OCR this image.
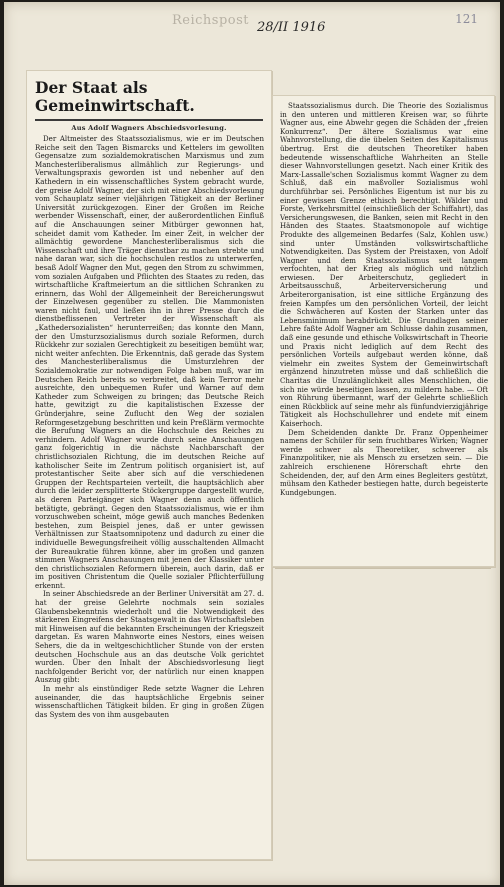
Reichspost 28/II 1916
121
Der Staat als Gemeinwirtschaft.
Aus Adolf Wagners Abschiedsvorlesung.

Der Altmeister des Staatssozialismus, wie er im Deutschen Reiche seit den Tagen Bismarcks und Kettelers im gewollten Gegensatze zum sozialdemokratischen Marxismus und zum Manchesterliberalismus allmählich zur Regierungs- und Verwaltungspraxis geworden ist und nebenher auf den Kathedern in ein wissenschaftliches System gebracht wurde, der greise Adolf Wagner, der sich mit einer Abschiedsvorlesung vom Schauplatz seiner vieljährigen Tätigkeit an der Berliner Universität zurückgezogen. Einer der Großen im Reiche werbender Wissenschaft, einer, der außerordentlichen Einfluß auf die Anschauungen seiner Mitbürger gewonnen hat, scheidet damit vom Katheder. Im einer Zeit, in welcher der allmächtig gewordene Manchesterliberalismus sich die Wissenschaft und ihre Träger dienstbar zu machen strebte und nahe daran war, sich die hochschulen restlos zu unterwerfen, besaß Adolf Wagner den Mut, gegen den Strom zu schwimmen, vom sozialen Aufgaben und Pflichten des Staates zu reden, das wirtschaftliche Kraftmeiertum an die sittlichen Schranken zu erinnern, das Wohl der Allgemeinheit der Bereicherungswut der Einzelwesen gegenüber zu stellen. Die Mammonisten waren nicht faul, und ließen ihn in ihrer Presse durch die dienstbeflissenen Vertreter der Wissenschaft als „Kathedersozialisten“ herunterreißen; das konnte den Mann, der den Umsturzsozialismus durch soziale Reformen, durch Rückkehr zur sozialen Gerechtigkeit zu beseitigen bemüht war, nicht weiter anfechten. Die Erkenntnis, daß gerade das System des Manchesterliberalismus die Umsturzlehren der Sozialdemokratie zur notwendigen Folge haben muß, war im Deutschen Reich bereits so verbreitet, daß kein Terror mehr ausreichte, den unbequemen Rufer und Warner auf dem Katheder zum Schweigen zu bringen; das Deutsche Reich hatte, gewitzigt zu die kapitalistischen Exzesse der Gründerjahre, seine Zuflucht den Weg der sozialen Reformgesetzgebung beschritten und kein Preßlärm vermochte die Berufung Wagners an die Hochschule des Reiches zu verhindern. Adolf Wagner wurde durch seine Anschauungen ganz folgerichtig in die nächste Nachbarschaft der christlichsozialen Richtung, die im deutschen Reiche auf katholischer Seite im Zentrum politisch organisiert ist, auf protestantischer Seite aber sich auf die verschiedenen Gruppen der Rechtsparteien verteilt, die hauptsächlich aber durch die leider zersplitterte Stöckergruppe dargestellt wurde, als deren Parteigänger sich Wagner denn auch öffentlich betätigte, gebrängt. Gegen den Staatssozialismus, wie er ihm vorzuschweben scheint, möge gewiß auch manches Bedenken bestehen, zum Beispiel jenes, daß er unter gewissen Verhältnissen zur Staatsomnipotenz und dadurch zu einer die individuelle Bewegungsfreiheit völlig ausschaltenden Allmacht der Bureaukratie führen könne, aber im großen und ganzen stimmen Wagners Anschauungen mit jenen der Klassiker unter den christlichsozialen Reformern überein, auch darin, daß er im positiven Christentum die Quelle sozialer Pflichterfüllung erkennt.

In seiner Abschiedsrede an der Berliner Universität am 27. d. hat der greise Gelehrte nochmals sein soziales Glaubensbekenntnis wiederholt und die Notwendigkeit des stärkeren Eingreifens der Staatsgewalt in das Wirtschaftsleben mit Hinweisen auf die bekannten Erscheinungen der Kriegszeit dargetan. Es waren Mahnworte eines Nestors, eines weisen Sehers, die da in weltgeschichtlicher Stunde von der ersten deutschen Hochschule aus an das deutsche Volk gerichtet wurden. Über den Inhalt der Abschiedsvorlesung liegt nachfolgender Bericht vor, der natürlich nur einen knappen Auszug gibt:

In mehr als einstündiger Rede setzte Wagner die Lehren auseinander, die das hauptsächliche Ergebnis seiner wissenschaftlichen Tätigkeit bilden. Er ging in großen Zügen das System des von ihm ausgebauten

Staatssozialismus durch. Die Theorie des Sozialismus in den unteren und mittleren Kreisen war, so führte Wagner aus, eine Abwehr gegen die Schäden der „freien Konkurrenz“. Der ältere Sozialismus war eine Wahnvorstellung, die die übelen Seiten des Kapitalismus übertrug. Erst die deutschen Theoretiker haben bedeutende wissenschaftliche Wahrheiten an Stelle dieser Wahnvorstellungen gesetzt. Nach einer Kritik des Marx-Lassalle'schen Sozialismus kommt Wagner zu dem Schluß, daß ein maßvoller Sozialismus wohl durchführbar sei. Persönliches Eigentum ist nur bis zu einer gewissen Grenze ethisch berechtigt. Wälder und Forste, Verkehrsmittel (einschließlich der Schiffahrt), das Versicherungswesen, die Banken, seien mit Recht in den Händen des Staates. Staatsmonopole auf wichtige Produkte des allgemeinen Bedarfes (Salz, Kohlen usw.) sind unter Umständen volkswirtschaftliche Notwendigkeiten. Das System der Preistaxen, von Adolf Wagner und dem Staatssozialismus seit langem verfochten, hat der Krieg als möglich und nützlich erwiesen. Der Arbeiterschutz, gegliedert in Arbeitsausschuß, Arbeiterversicherung und Arbeiterorganisation, ist eine sittliche Ergänzung des freien Kampfes um den persönlichen Vorteil, der leicht die Schwächeren auf Kosten der Starken unter das Lebensminimum herabdrückt. Die Grundlagen seiner Lehre faßte Adolf Wagner am Schlusse dahin zusammen, daß eine gesunde und ethische Volkswirtschaft in Theorie und Praxis nicht lediglich auf dem Recht des persönlichen Vorteils aufgebaut werden könne, daß vielmehr ein zweites System der Gemeinwirtschaft ergänzend hinzutreten müsse und daß schließlich die Charitas die Unzulänglichkeit alles Menschlichen, die sich nie würde beseitigen lassen, zu mildern habe. — Oft von Rührung übermannt, warf der Gelehrte schließlich einen Rückblick auf seine mehr als fünfundvierzigjährige Tätigkeit als Hochschullehrer und endete mit einem Kaiserhoch.

Dem Scheidenden dankte Dr. Franz Oppenheimer namens der Schüler für sein fruchtbares Wirken; Wagner werde schwer als Theoretiker, schwerer als Finanzpolitiker, nie als Mensch zu ersetzen sein. — Die zahlreich erschienene Hörerschaft ehrte den Scheidenden, der, auf den Arm eines Begleiters gestützt, mühsam den Katheder bestiegen hatte, durch begeisterte Kundgebungen.
